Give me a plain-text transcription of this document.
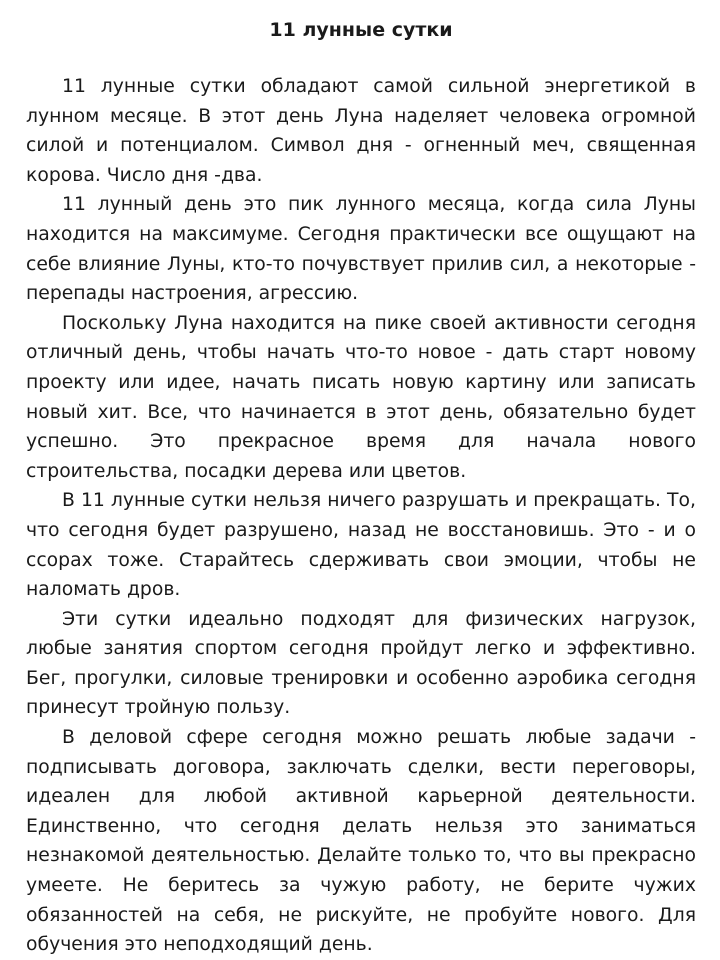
11 лунные сутки

11 лунные сутки обладают самой сильной энергетикой в лунном месяце. В этот день Луна наделяет человека огромной силой и потенциалом. Символ дня - огненный меч, священная корова. Число дня -два.

11 лунный день это пик лунного месяца, когда сила Луны находится на максимуме. Сегодня практически все ощущают на себе влияние Луны, кто-то почувствует прилив сил, а некоторые - перепады настроения, агрессию.

Поскольку Луна находится на пике своей активности сегодня отличный день, чтобы начать что-то новое - дать старт новому проекту или идее, начать писать новую картину или записать новый хит. Все, что начинается в этот день, обязательно будет успешно. Это прекрасное время для начала нового строительства, посадки дерева или цветов.

В 11 лунные сутки нельзя ничего разрушать и прекращать. То, что сегодня будет разрушено, назад не восстановишь. Это - и о ссорах тоже. Старайтесь сдерживать свои эмоции, чтобы не наломать дров.

Эти сутки идеально подходят для физических нагрузок, любые занятия спортом сегодня пройдут легко и эффективно. Бег, прогулки, силовые тренировки и особенно аэробика сегодня принесут тройную пользу.

В деловой сфере сегодня можно решать любые задачи - подписывать договора, заключать сделки, вести переговоры, идеален для любой активной карьерной деятельности. Единственно, что сегодня делать нельзя это заниматься незнакомой деятельностью. Делайте только то, что вы прекрасно умеете. Не беритесь за чужую работу, не берите чужих обязанностей на себя, не рискуйте, не пробуйте нового. Для обучения это неподходящий день.
